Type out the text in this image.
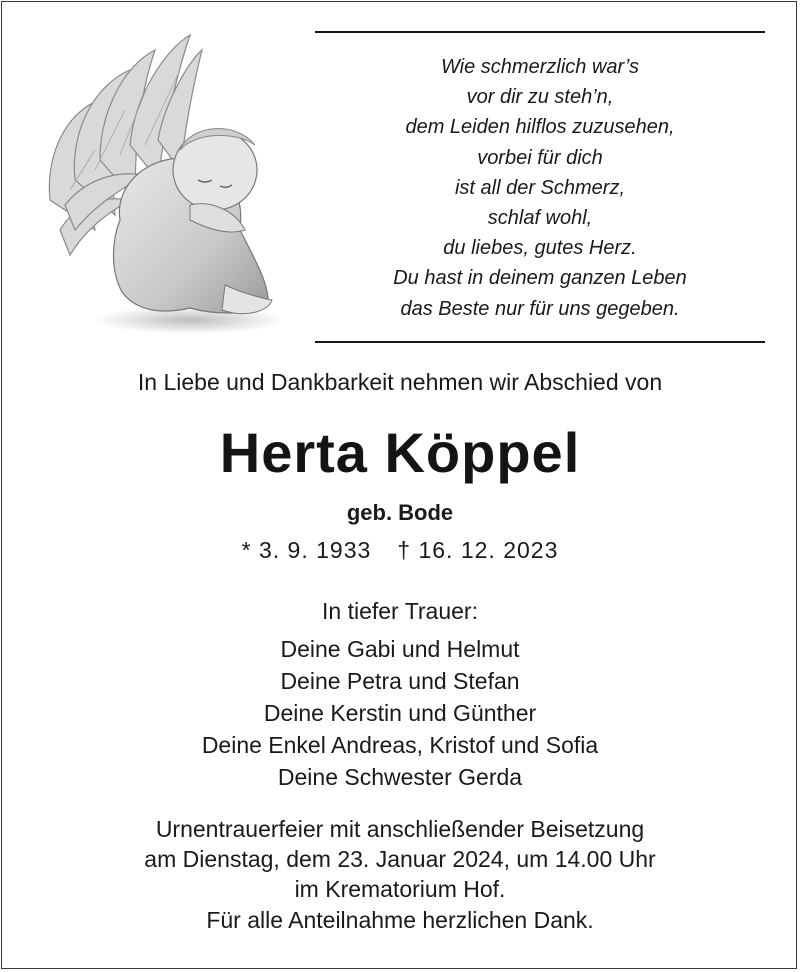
Wie schmerzlich war’s
vor dir zu steh’n,
dem Leiden hilflos zuzusehen,
vorbei für dich
ist all der Schmerz,
schlaf wohl,
du liebes, gutes Herz.
Du hast in deinem ganzen Leben
das Beste nur für uns gegeben.
In Liebe und Dankbarkeit nehmen wir Abschied von
Herta Köppel
geb. Bode
* 3. 9. 1933 † 16. 12. 2023
In tiefer Trauer:
Deine Gabi und Helmut
Deine Petra und Stefan
Deine Kerstin und Günther
Deine Enkel Andreas, Kristof und Sofia
Deine Schwester Gerda
Urnentrauerfeier mit anschließender Beisetzung
am Dienstag, dem 23. Januar 2024, um 14.00 Uhr
im Krematorium Hof.
Für alle Anteilnahme herzlichen Dank.
